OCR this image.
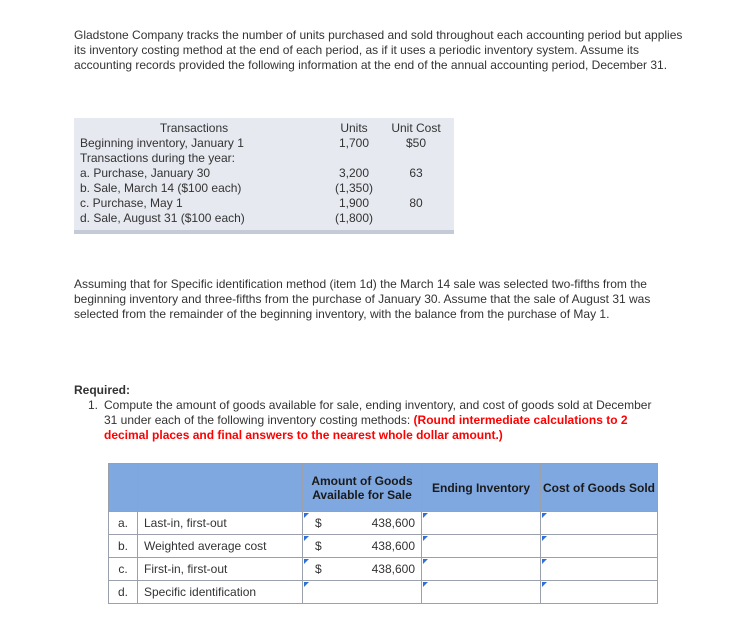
Gladstone Company tracks the number of units purchased and sold throughout each accounting period but applies its inventory costing method at the end of each period, as if it uses a periodic inventory system. Assume its accounting records provided the following information at the end of the annual accounting period, December 31.

Transactions	Units	Unit Cost
Beginning inventory, January 1	1,700	$50
Transactions during the year:
a. Purchase, January 30	3,200	63
b. Sale, March 14 ($100 each)	(1,350)
c. Purchase, May 1	1,900	80
d. Sale, August 31 ($100 each)	(1,800)

Assuming that for Specific identification method (item 1d) the March 14 sale was selected two-fifths from the beginning inventory and three-fifths from the purchase of January 30. Assume that the sale of August 31 was selected from the remainder of the beginning inventory, with the balance from the purchase of May 1.

Required:
1. Compute the amount of goods available for sale, ending inventory, and cost of goods sold at December 31 under each of the following inventory costing methods: (Round intermediate calculations to 2 decimal places and final answers to the nearest whole dollar amount.)
		Amount of Goods Available for Sale	Ending Inventory	Cost of Goods Sold
a.	Last-in, first-out	$ 438,600

b.	Weighted average cost	$ 438,600

c.	First-in, first-out	$ 438,600

d.	Specific identification	
